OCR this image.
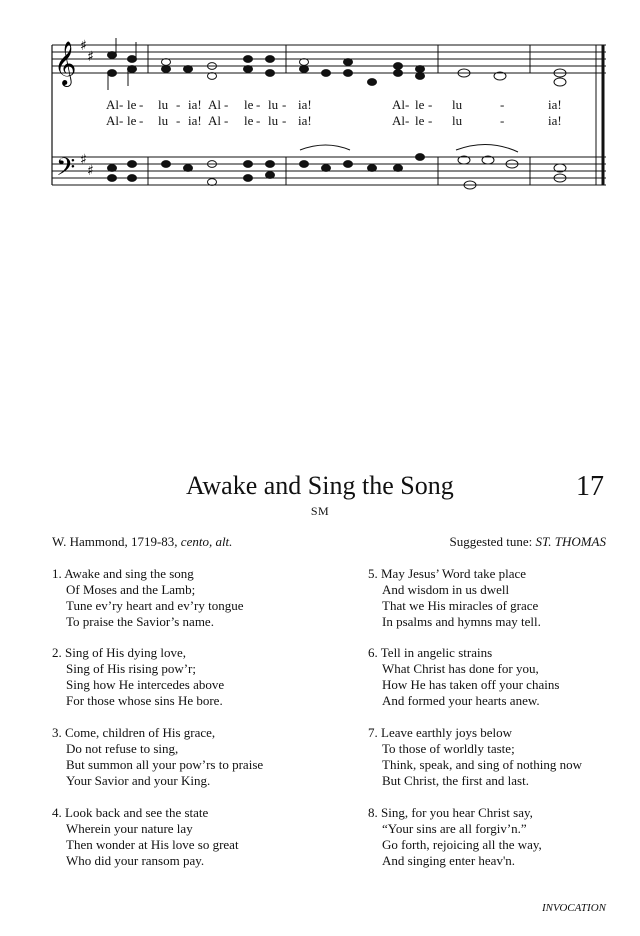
𝄞
𝄢
♯
♯
♯
♯
Al - le - lu - ia! Al - le - lu - ia!	Al - le - lu	-	ia!
Al - le - lu - ia! Al - le - lu - ia!	Al - le - lu	-	ia!
Awake and Sing the Song	17
SM
W. Hammond, 1719-83, cento, alt.	Suggested tune: ST. THOMAS
1. Awake and sing the song
Of Moses and the Lamb;
Tune ev’ry heart and ev’ry tongue
To praise the Savior’s name.
2. Sing of His dying love,
Sing of His rising pow’r;
Sing how He intercedes above
For those whose sins He bore.
3. Come, children of His grace,
Do not refuse to sing,
But summon all your pow’rs to praise
Your Savior and your King.
4. Look back and see the state
Wherein your nature lay
Then wonder at His love so great
Who did your ransom pay.
5. May Jesus’ Word take place
And wisdom in us dwell
That we His miracles of grace
In psalms and hymns may tell.
6. Tell in angelic strains
What Christ has done for you,
How He has taken off your chains
And formed your hearts anew.
7. Leave earthly joys below
To those of worldly taste;
Think, speak, and sing of nothing now
But Christ, the first and last.
8. Sing, for you hear Christ say,
“Your sins are all forgiv’n.”
Go forth, rejoicing all the way,
And singing enter heav'n.
INVOCATION
